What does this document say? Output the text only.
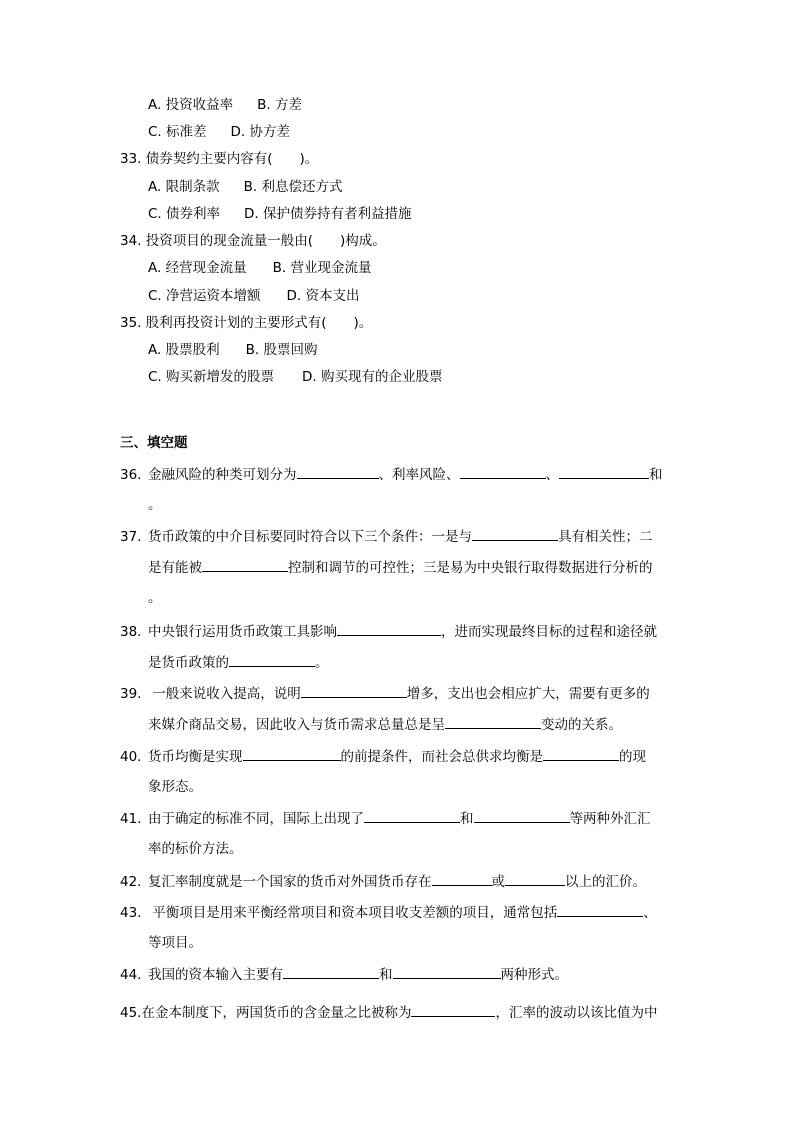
A. 投资收益率 B. 方差
C. 标准差 D. 协方差
33. 债券契约主要内容有(　　)。
A. 限制条款 B. 利息偿还方式
C. 债券利率 D. 保护债券持有者利益措施
34. 投资项目的现金流量一般由(　　)构成。
A. 经营现金流量 B. 营业现金流量
C. 净营运资本增额 D. 资本支出
35. 股利再投资计划的主要形式有(　　)。
A. 股票股利 B. 股票回购
C. 购买新增发的股票 D. 购买现有的企业股票
三、填空题
36. 金融风险的种类可划分为	、利率风险、	、	和
。
37. 货币政策的中介目标要同时符合以下三个条件：一是与	具有相关性；二
是有能被	控制和调节的可控性；三是易为中央银行取得数据进行分析的
。
38. 中央银行运用货币政策工具影响	，进而实现最终目标的过程和途径就
是货币政策的	。
39. 一般来说收入提高，说明	增多，支出也会相应扩大，需要有更多的
来媒介商品交易，因此收入与货币需求总量总是呈	变动的关系。
40. 货币均衡是实现	的前提条件，而社会总供求均衡是	的现
象形态。
41. 由于确定的标准不同，国际上出现了	和	等两种外汇汇
率的标价方法。
42. 复汇率制度就是一个国家的货币对外国货币存在	或	以上的汇价。
43. 平衡项目是用来平衡经常项目和资本项目收支差额的项目，通常包括	、
等项目。
44. 我国的资本输入主要有	和	两种形式。
45.在金本制度下，两国货币的含金量之比被称为	，汇率的波动以该比值为中
